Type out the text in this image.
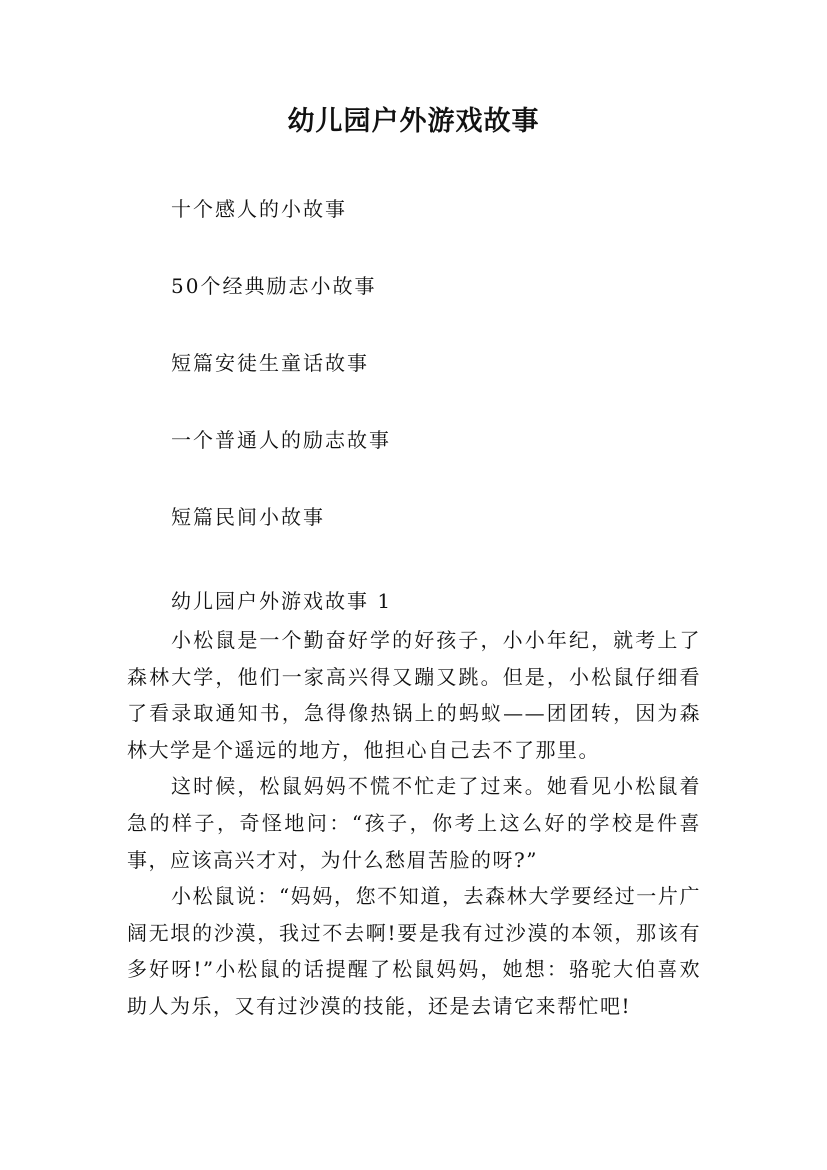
幼儿园户外游戏故事
十个感人的小故事
50个经典励志小故事
短篇安徒生童话故事
一个普通人的励志故事
短篇民间小故事
幼儿园户外游戏故事 1

小松鼠是一个勤奋好学的好孩子，小小年纪，就考上了森林大学，他们一家高兴得又蹦又跳。但是，小松鼠仔细看了看录取通知书，急得像热锅上的蚂蚁——团团转，因为森林大学是个遥远的地方，他担心自己去不了那里。

这时候，松鼠妈妈不慌不忙走了过来。她看见小松鼠着急的样子，奇怪地问：“孩子，你考上这么好的学校是件喜事，应该高兴才对，为什么愁眉苦脸的呀?”

小松鼠说：“妈妈，您不知道，去森林大学要经过一片广阔无垠的沙漠，我过不去啊!要是我有过沙漠的本领，那该有多好呀!”小松鼠的话提醒了松鼠妈妈，她想：骆驼大伯喜欢助人为乐，又有过沙漠的技能，还是去请它来帮忙吧!
